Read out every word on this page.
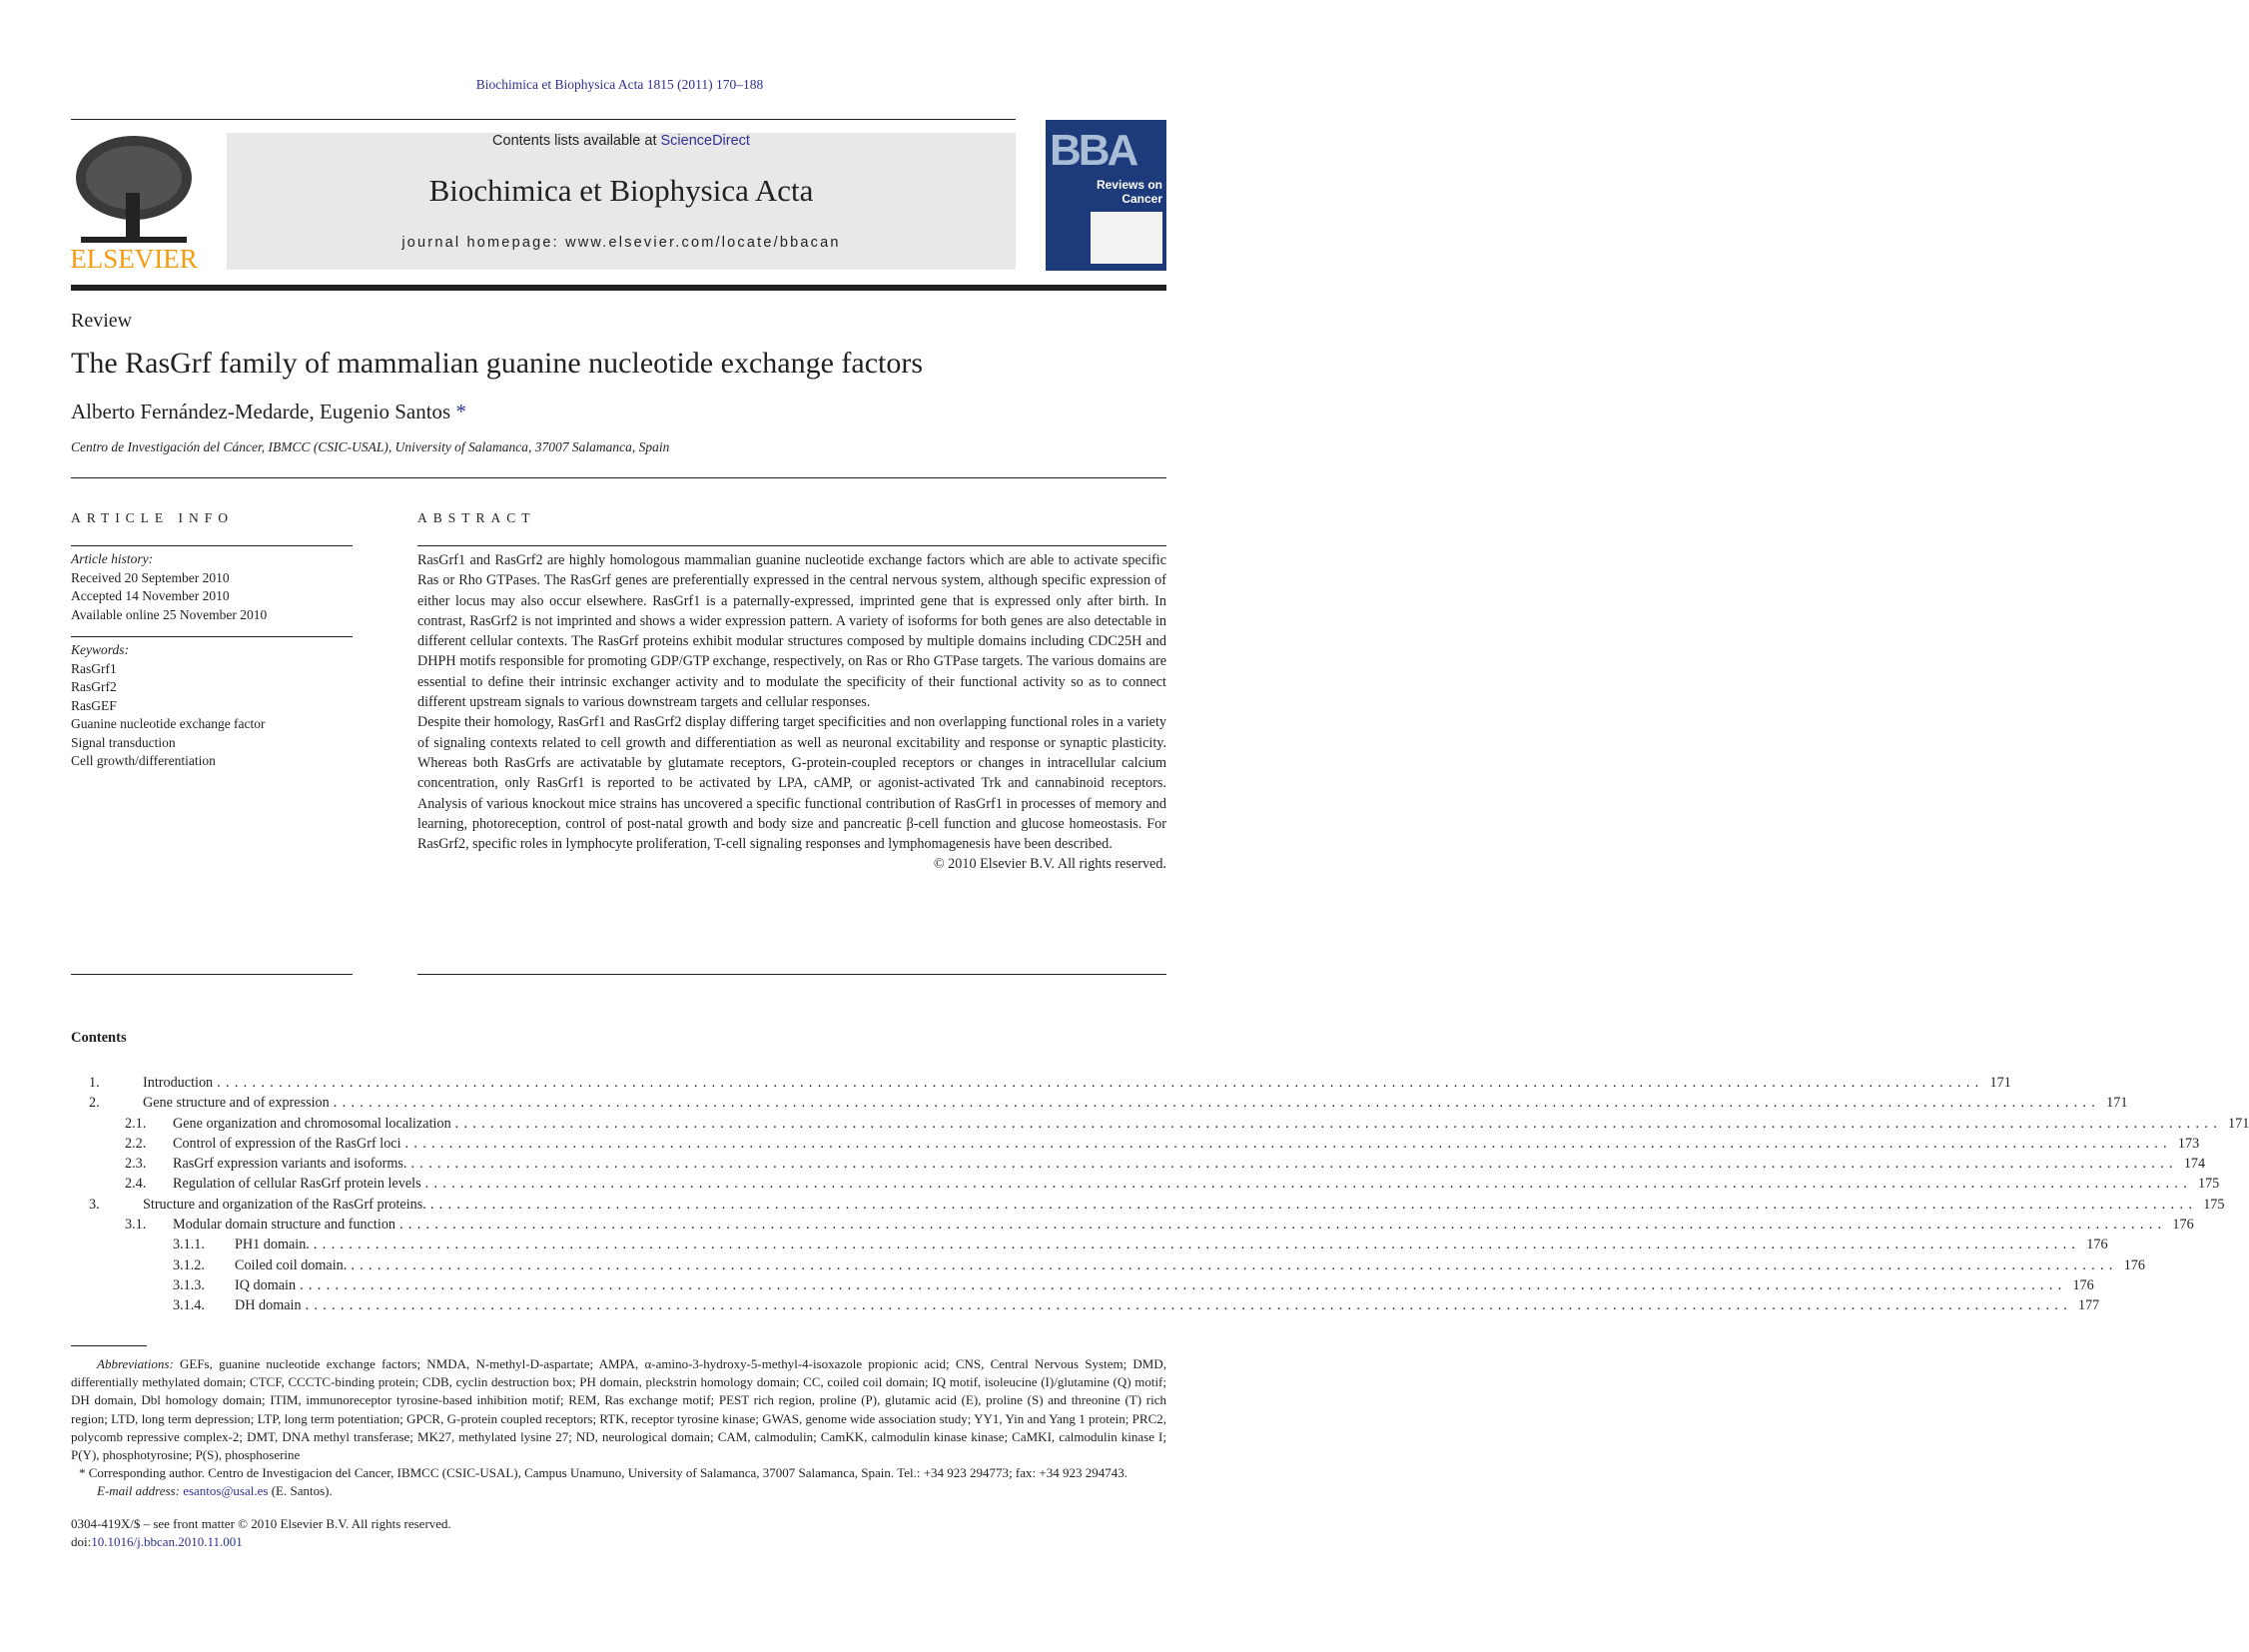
Biochimica et Biophysica Acta 1815 (2011) 170–188
ELSEVIER
Contents lists available at ScienceDirect
Biochimica et Biophysica Acta
journal homepage: www.elsevier.com/locate/bbacan
BBA
Reviews on
Cancer
Review
The RasGrf family of mammalian guanine nucleotide exchange factors
Alberto Fernández-Medarde, Eugenio Santos *
Centro de Investigación del Cáncer, IBMCC (CSIC-USAL), University of Salamanca, 37007 Salamanca, Spain
ARTICLE INFO	ABSTRACT
Article history:
Received 20 September 2010
Accepted 14 November 2010
Available online 25 November 2010
Keywords:
RasGrf1
RasGrf2
RasGEF
Guanine nucleotide exchange factor
Signal transduction
Cell growth/differentiation

RasGrf1 and RasGrf2 are highly homologous mammalian guanine nucleotide exchange factors which are able to activate specific Ras or Rho GTPases. The RasGrf genes are preferentially expressed in the central nervous system, although specific expression of either locus may also occur elsewhere. RasGrf1 is a paternally-expressed, imprinted gene that is expressed only after birth. In contrast, RasGrf2 is not imprinted and shows a wider expression pattern. A variety of isoforms for both genes are also detectable in different cellular contexts. The RasGrf proteins exhibit modular structures composed by multiple domains including CDC25H and DHPH motifs responsible for promoting GDP/GTP exchange, respectively, on Ras or Rho GTPase targets. The various domains are essential to define their intrinsic exchanger activity and to modulate the specificity of their functional activity so as to connect different upstream signals to various downstream targets and cellular responses.

Despite their homology, RasGrf1 and RasGrf2 display differing target specificities and non overlapping functional roles in a variety of signaling contexts related to cell growth and differentiation as well as neuronal excitability and response or synaptic plasticity. Whereas both RasGrfs are activatable by glutamate receptors, G-protein-coupled receptors or changes in intracellular calcium concentration, only RasGrf1 is reported to be activated by LPA, cAMP, or agonist-activated Trk and cannabinoid receptors. Analysis of various knockout mice strains has uncovered a specific functional contribution of RasGrf1 in processes of memory and learning, photoreception, control of post-natal growth and body size and pancreatic β-cell function and glucose homeostasis. For RasGrf2, specific roles in lymphocyte proliferation, T-cell signaling responses and lymphomagenesis have been described.

© 2010 Elsevier B.V. All rights reserved.

Contents
1.	Introduction ........................................................................................................................................................................................................ 171
2.	Gene structure and of expression ........................................................................................................................................................................................................ 171
2.1.	Gene organization and chromosomal localization ........................................................................................................................................................................................................ 171
2.2.	Control of expression of the RasGrf loci ........................................................................................................................................................................................................ 173
2.3.	RasGrf expression variants and isoforms. ........................................................................................................................................................................................................ 174
2.4.	Regulation of cellular RasGrf protein levels ........................................................................................................................................................................................................ 175
3.	Structure and organization of the RasGrf proteins. ........................................................................................................................................................................................................ 175
3.1.	Modular domain structure and function ........................................................................................................................................................................................................ 176
3.1.1.	PH1 domain. ........................................................................................................................................................................................................ 176
3.1.2.	Coiled coil domain. ........................................................................................................................................................................................................ 176
3.1.3.	IQ domain ........................................................................................................................................................................................................ 176
3.1.4.	DH domain ........................................................................................................................................................................................................ 177

Abbreviations: GEFs, guanine nucleotide exchange factors; NMDA, N-methyl-D-aspartate; AMPA, α-amino-3-hydroxy-5-methyl-4-isoxazole propionic acid; CNS, Central Nervous System; DMD, differentially methylated domain; CTCF, CCCTC-binding protein; CDB, cyclin destruction box; PH domain, pleckstrin homology domain; CC, coiled coil domain; IQ motif, isoleucine (I)/glutamine (Q) motif; DH domain, Dbl homology domain; ITIM, immunoreceptor tyrosine-based inhibition motif; REM, Ras exchange motif; PEST rich region, proline (P), glutamic acid (E), proline (S) and threonine (T) rich region; LTD, long term depression; LTP, long term potentiation; GPCR, G-protein coupled receptors; RTK, receptor tyrosine kinase; GWAS, genome wide association study; YY1, Yin and Yang 1 protein; PRC2, polycomb repressive complex-2; DMT, DNA methyl transferase; MK27, methylated lysine 27; ND, neurological domain; CAM, calmodulin; CamKK, calmodulin kinase kinase; CaMKI, calmodulin kinase I; P(Y), phosphotyrosine; P(S), phosphoserine

* Corresponding author. Centro de Investigacion del Cancer, IBMCC (CSIC-USAL), Campus Unamuno, University of Salamanca, 37007 Salamanca, Spain. Tel.: +34 923 294773; fax: +34 923 294743.

E-mail address: esantos@usal.es (E. Santos).

0304-419X/$ – see front matter © 2010 Elsevier B.V. All rights reserved.
doi:10.1016/j.bbcan.2010.11.001
